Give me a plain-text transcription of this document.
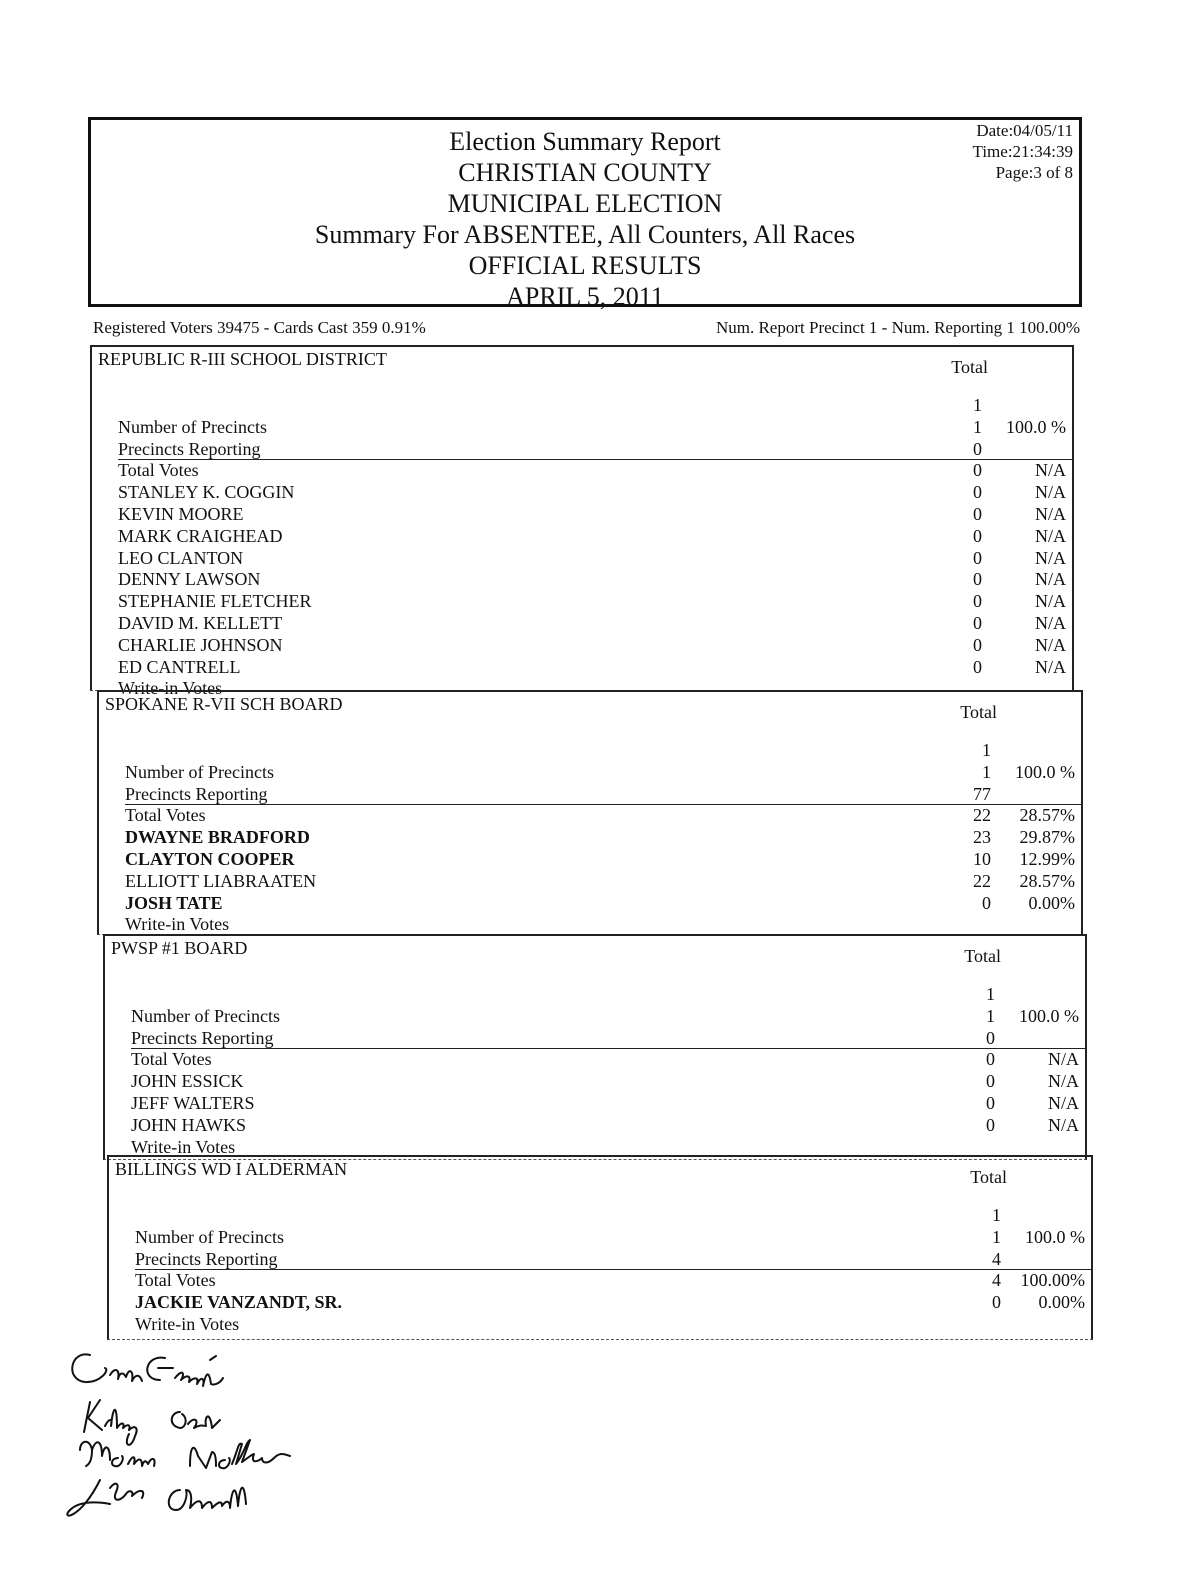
Election Summary Report
CHRISTIAN COUNTY
MUNICIPAL ELECTION
Summary For ABSENTEE, All Counters, All Races
OFFICIAL RESULTS
APRIL 5, 2011
Date:04/05/11
Time:21:34:39
Page:3 of 8
Registered Voters 39475 - Cards Cast 359 0.91%	Num. Report Precinct 1 - Num. Reporting 1 100.00%
REPUBLIC R-III SCHOOL DISTRICT	Total
1
Number of Precincts	1 100.0 %
Precincts Reporting	0
Total Votes	0	N/A
STANLEY K. COGGIN	0	N/A
KEVIN MOORE	0	N/A
MARK CRAIGHEAD	0	N/A
LEO CLANTON	0	N/A
DENNY LAWSON	0	N/A
STEPHANIE FLETCHER	0	N/A
DAVID M. KELLETT	0	N/A
CHARLIE JOHNSON	0	N/A
ED CANTRELL	0	N/A
Write-in Votes
SPOKANE R-VII SCH BOARD	Total
1
Number of Precincts	1 100.0 %
Precincts Reporting	77
Total Votes	22 28.57%
DWAYNE BRADFORD	23 29.87%
CLAYTON COOPER	10 12.99%
ELLIOTT LIABRAATEN	22 28.57%
JOSH TATE	0 0.00%
Write-in Votes
PWSP #1 BOARD	Total
1
Number of Precincts	1 100.0 %
Precincts Reporting	0
Total Votes	0	N/A
JOHN ESSICK	0	N/A
JEFF WALTERS	0	N/A
JOHN HAWKS	0	N/A
Write-in Votes
BILLINGS WD I ALDERMAN	Total
1
Number of Precincts	1 100.0 %
Precincts Reporting	4
Total Votes	4 100.00%
JACKIE VANZANDT, SR.	0 0.00%
Write-in Votes
